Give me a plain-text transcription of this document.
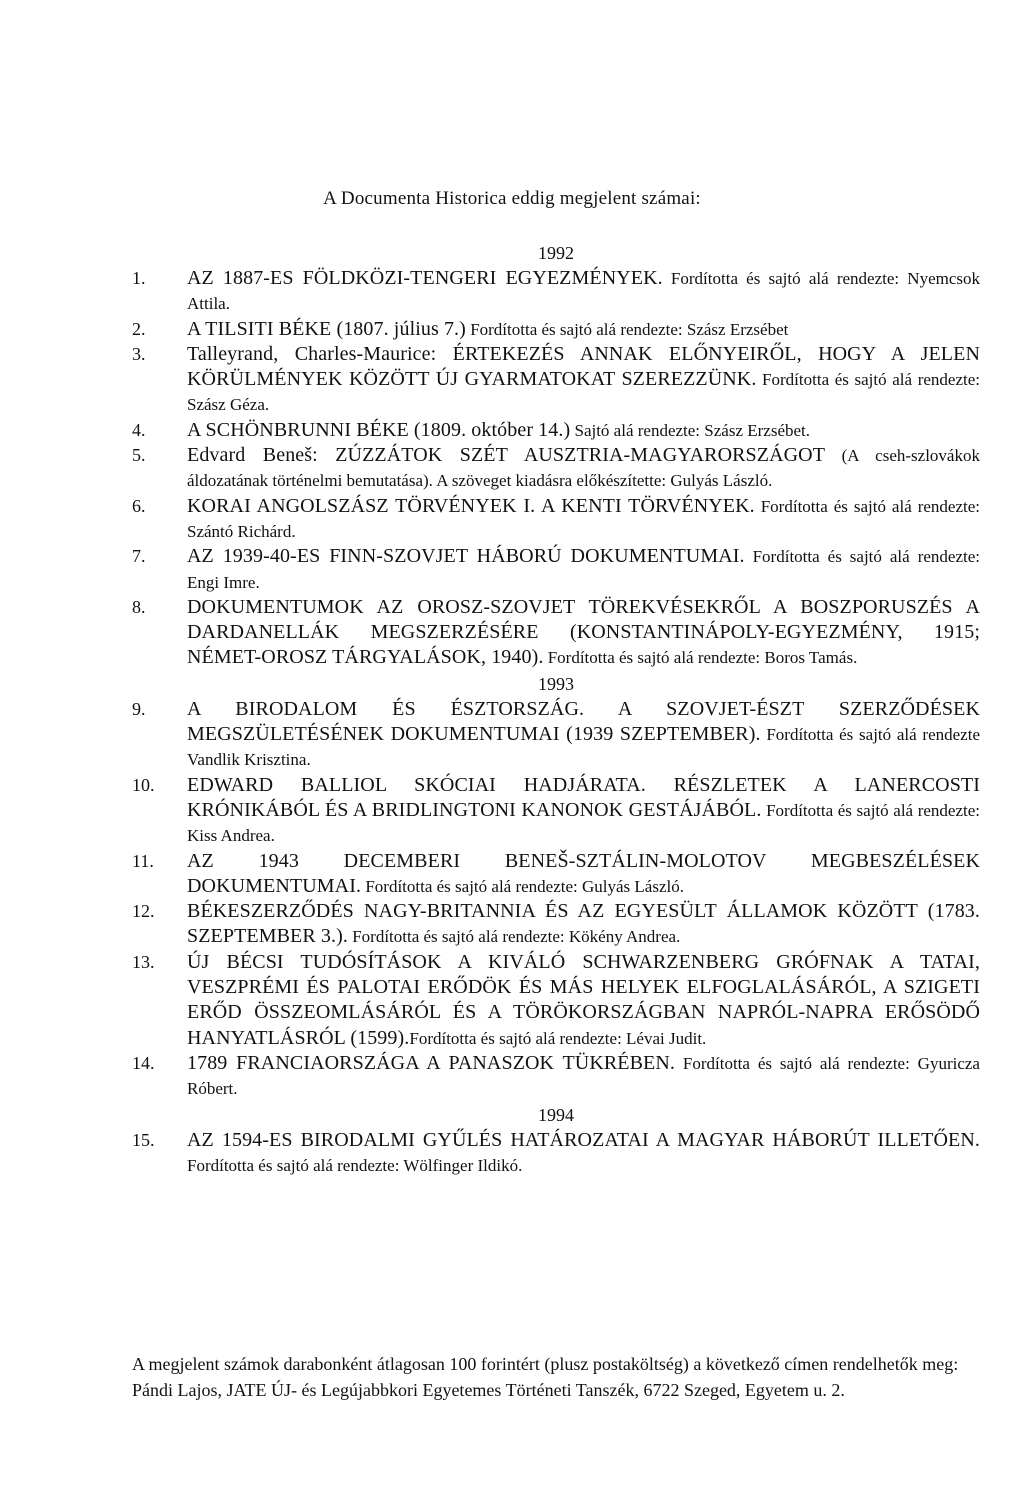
A Documenta Historica eddig megjelent számai:
1992
1.	AZ 1887-ES FÖLDKÖZI-TENGERI EGYEZMÉNYEK. Fordította és sajtó alá rendezte: Nyemcsok Attila.
2.	A TILSITI BÉKE (1807. július 7.) Fordította és sajtó alá rendezte: Szász Erzsébet
3.	Talleyrand, Charles-Maurice: ÉRTEKEZÉS ANNAK ELŐNYEIRŐL, HOGY A JELEN KÖRÜLMÉNYEK KÖZÖTT ÚJ GYARMATOKAT SZEREZZÜNK. Fordította és sajtó alá rendezte: Szász Géza.
4.	A SCHÖNBRUNNI BÉKE (1809. október 14.) Sajtó alá rendezte: Szász Erzsébet.
5.	Edvard Beneš: ZÚZZÁTOK SZÉT AUSZTRIA-MAGYARORSZÁGOT (A cseh-szlovákok áldozatának történelmi bemutatása). A szöveget kiadásra előkészítette: Gulyás László.
6.	KORAI ANGOLSZÁSZ TÖRVÉNYEK I. A KENTI TÖRVÉNYEK. Fordította és sajtó alá rendezte: Szántó Richárd.
7.	AZ 1939-40-ES FINN-SZOVJET HÁBORÚ DOKUMENTUMAI. Fordította és sajtó alá rendezte: Engi Imre.
8.	DOKUMENTUMOK AZ OROSZ-SZOVJET TÖREKVÉSEKRŐL A BOSZPORUSZÉS A DARDANELLÁK MEGSZERZÉSÉRE (KONSTANTINÁPOLY-EGYEZMÉNY, 1915; NÉMET-OROSZ TÁRGYALÁSOK, 1940). Fordította és sajtó alá rendezte: Boros Tamás.
1993
9.	A BIRODALOM ÉS ÉSZTORSZÁG. A SZOVJET-ÉSZT SZERZŐDÉSEK MEGSZÜLETÉSÉNEK DOKUMENTUMAI (1939 SZEPTEMBER). Fordította és sajtó alá rendezte Vandlik Krisztina.
10.	EDWARD BALLIOL SKÓCIAI HADJÁRATA. RÉSZLETEK A LANERCOSTI KRÓNIKÁBÓL ÉS A BRIDLINGTONI KANONOK GESTÁJÁBÓL. Fordította és sajtó alá rendezte: Kiss Andrea.
11.	AZ 1943 DECEMBERI BENEŠ-SZTÁLIN-MOLOTOV MEGBESZÉLÉSEK DOKUMENTUMAI. Fordította és sajtó alá rendezte: Gulyás László.
12.	BÉKESZERZŐDÉS NAGY-BRITANNIA ÉS AZ EGYESÜLT ÁLLAMOK KÖZÖTT (1783. SZEPTEMBER 3.). Fordította és sajtó alá rendezte: Kökény Andrea.
13.	ÚJ BÉCSI TUDÓSÍTÁSOK A KIVÁLÓ SCHWARZENBERG GRÓFNAK A TATAI, VESZPRÉMI ÉS PALOTAI ERŐDÖK ÉS MÁS HELYEK ELFOGLALÁSÁRÓL, A SZIGETI ERŐD ÖSSZEOMLÁSÁRÓL ÉS A TÖRÖKORSZÁGBAN NAPRÓL-NAPRA ERŐSÖDŐ HANYATLÁSRÓL (1599).Fordította és sajtó alá rendezte: Lévai Judit.
14.	1789 FRANCIAORSZÁGA A PANASZOK TÜKRÉBEN. Fordította és sajtó alá rendezte: Gyuricza Róbert.
1994
15.	AZ 1594-ES BIRODALMI GYŰLÉS HATÁROZATAI A MAGYAR HÁBORÚT ILLETŐEN. Fordította és sajtó alá rendezte: Wölfinger Ildikó.

A megjelent számok darabonként átlagosan 100 forintért (plusz postaköltség) a következő címen rendelhetők meg:

Pándi Lajos, JATE ÚJ- és Legújabbkori Egyetemes Történeti Tanszék, 6722 Szeged, Egyetem u. 2.
